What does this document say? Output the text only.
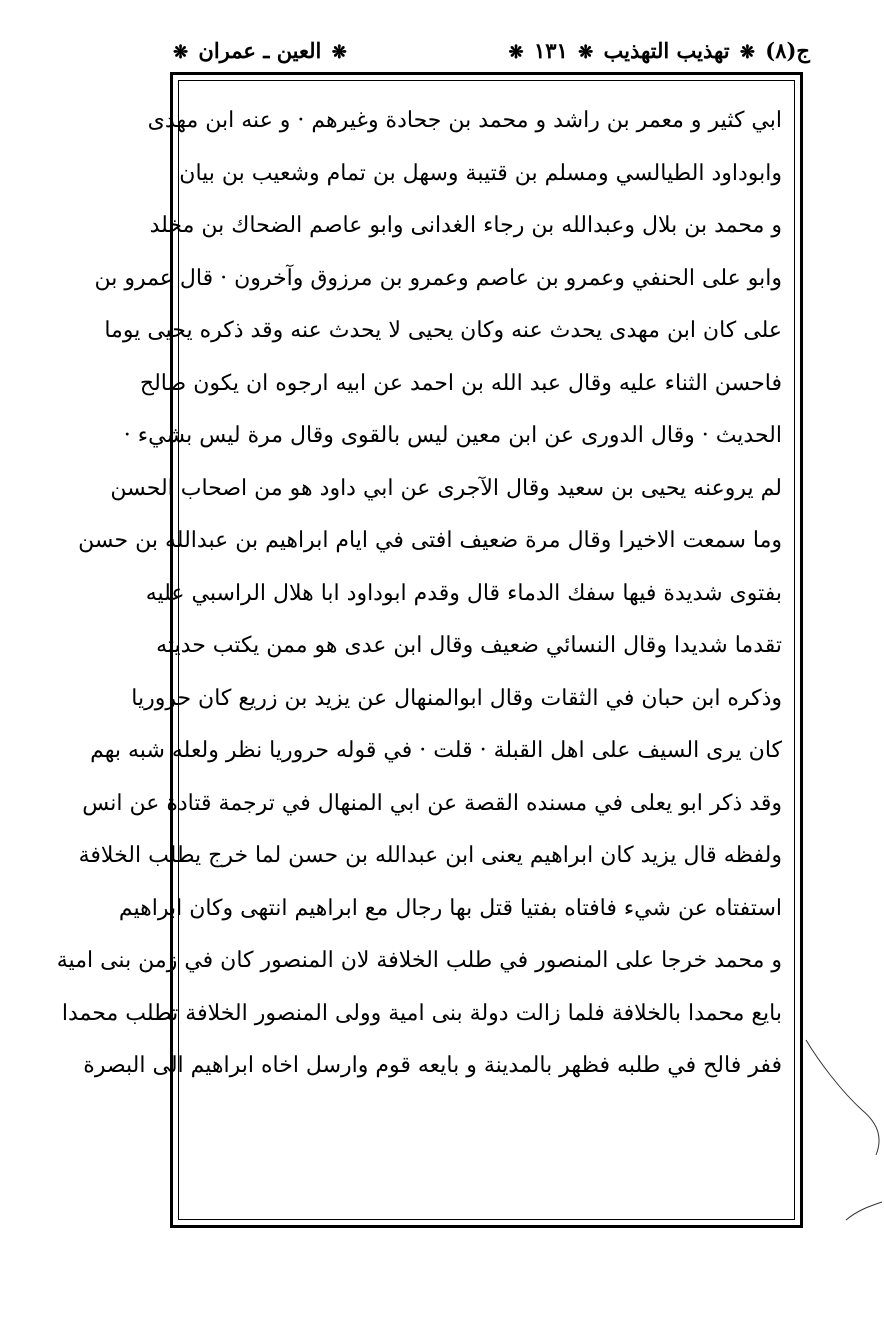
ج(٨) ❋ تهذيب التهذيب ❋ ١٣١ ❋
❋ العين ـ عمران ❋
ابي كثير و معمر بن راشد و محمد بن جحادة وغيرهم · و عنه ابن مهدى
وابوداود الطيالسي ومسلم بن قتيبة وسهل بن تمام وشعيب بن بيان
و محمد بن بلال وعبدالله بن رجاء الغدانى وابو عاصم الضحاك بن مخلد
وابو على الحنفي وعمرو بن عاصم وعمرو بن مرزوق وآخرون · قال عمرو بن
على كان ابن مهدى يحدث عنه وكان يحيى لا يحدث عنه وقد ذكره يحيى يوما
فاحسن الثناء عليه وقال عبد الله بن احمد عن ابيه ارجوه ان يكون صالح
الحديث · وقال الدورى عن ابن معين ليس بالقوى وقال مرة ليس بشيء ·
لم يروعنه يحيى بن سعيد وقال الآجرى عن ابي داود هو من اصحاب الحسن
وما سمعت الاخيرا وقال مرة ضعيف افتى في ايام ابراهيم بن عبدالله بن حسن
بفتوى شديدة فيها سفك الدماء قال وقدم ابوداود ابا هلال الراسبي عليه
تقدما شديدا وقال النسائي ضعيف وقال ابن عدى هو ممن يكتب حديثه
وذكره ابن حبان في الثقات وقال ابوالمنهال عن يزيد بن زريع كان حروريا
كان يرى السيف على اهل القبلة · قلت · في قوله حروريا نظر ولعله شبه بهم
وقد ذكر ابو يعلى في مسنده القصة عن ابي المنهال في ترجمة قتادة عن انس
ولفظه قال يزيد كان ابراهيم يعنى ابن عبدالله بن حسن لما خرج يطلب الخلافة
استفتاه عن شيء فافتاه بفتيا قتل بها رجال مع ابراهيم انتهى وكان ابراهيم
و محمد خرجا على المنصور في طلب الخلافة لان المنصور كان في زمن بنى امية
بايع محمدا بالخلافة فلما زالت دولة بنى امية وولى المنصور الخلافة تطلب محمدا
ففر فالح في طلبه فظهر بالمدينة و بايعه قوم وارسل اخاه ابراهيم الى البصرة
